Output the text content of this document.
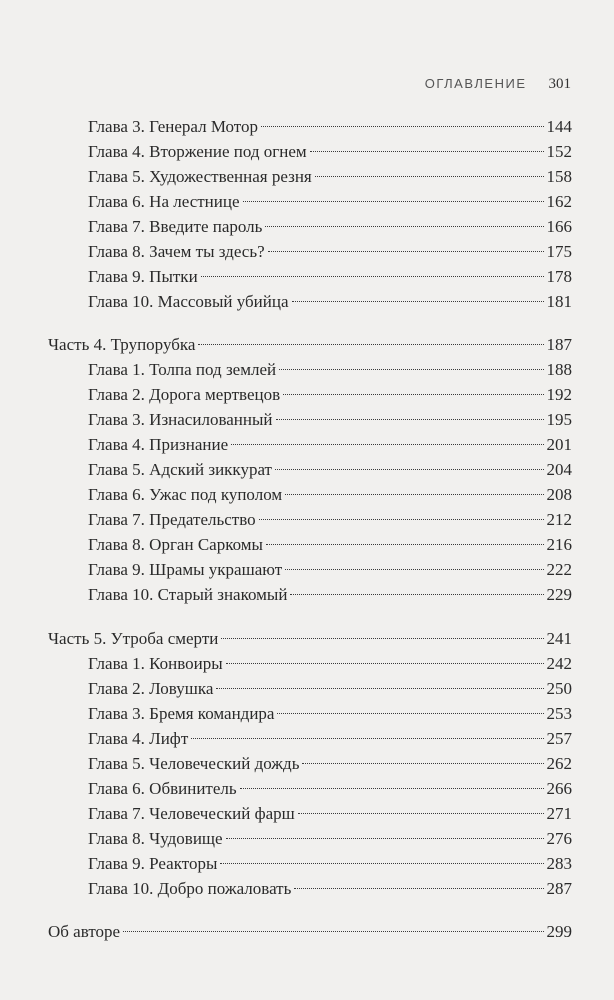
ОГЛАВЛЕНИЕ 301
Глава 3. Генерал Мотор	144
Глава 4. Вторжение под огнем	152
Глава 5. Художественная резня	158
Глава 6. На лестнице	162
Глава 7. Введите пароль	166
Глава 8. Зачем ты здесь?	175
Глава 9. Пытки	178
Глава 10. Массовый убийца	181
Часть 4. Трупорубка	187
Глава 1. Толпа под землей	188
Глава 2. Дорога мертвецов	192
Глава 3. Изнасилованный	195
Глава 4. Признание	201
Глава 5. Адский зиккурат	204
Глава 6. Ужас под куполом	208
Глава 7. Предательство	212
Глава 8. Орган Саркомы	216
Глава 9. Шрамы украшают	222
Глава 10. Старый знакомый	229
Часть 5. Утроба смерти	241
Глава 1. Конвоиры	242
Глава 2. Ловушка	250
Глава 3. Бремя командира	253
Глава 4. Лифт	257
Глава 5. Человеческий дождь	262
Глава 6. Обвинитель	266
Глава 7. Человеческий фарш	271
Глава 8. Чудовище	276
Глава 9. Реакторы	283
Глава 10. Добро пожаловать	287
Об авторе	299
